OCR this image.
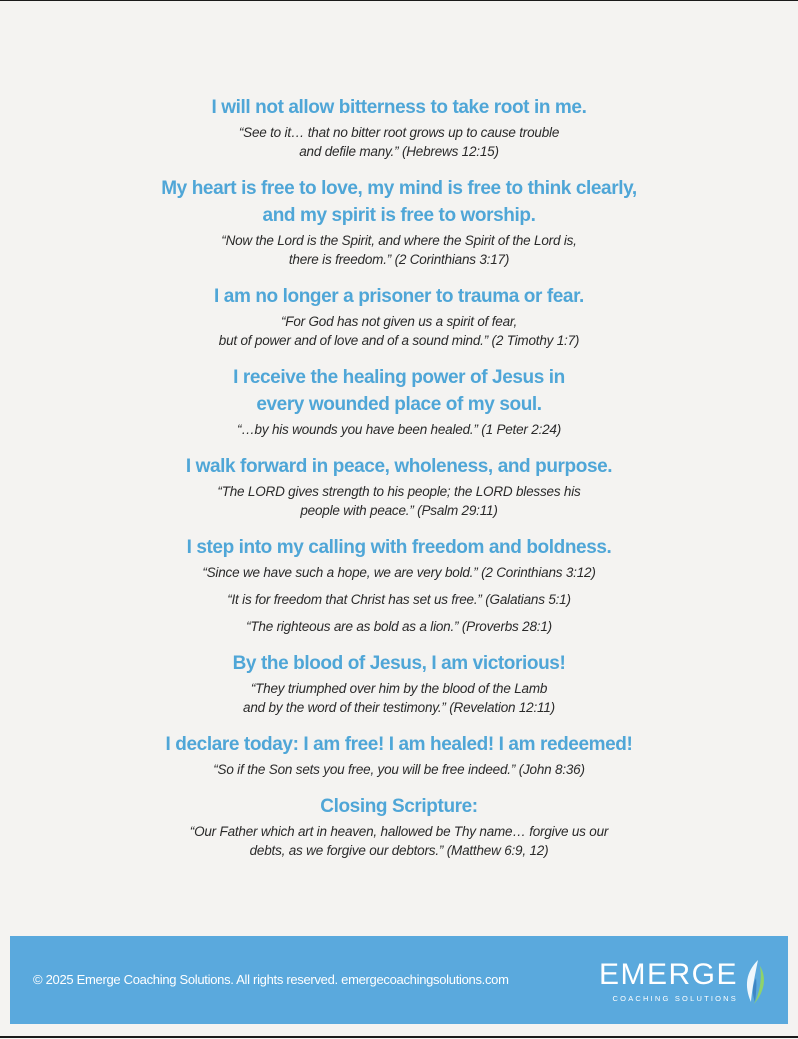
I will not allow bitterness to take root in me.

“See to it… that no bitter root grows up to cause trouble
and defile many.” (Hebrews 12:15)

My heart is free to love, my mind is free to think clearly,
and my spirit is free to worship.

“Now the Lord is the Spirit, and where the Spirit of the Lord is,
there is freedom.” (2 Corinthians 3:17)

I am no longer a prisoner to trauma or fear.

“For God has not given us a spirit of fear,
but of power and of love and of a sound mind.” (2 Timothy 1:7)

I receive the healing power of Jesus in
every wounded place of my soul.

“…by his wounds you have been healed.” (1 Peter 2:24)

I walk forward in peace, wholeness, and purpose.

“The LORD gives strength to his people; the LORD blesses his
people with peace.” (Psalm 29:11)

I step into my calling with freedom and boldness.

“Since we have such a hope, we are very bold.” (2 Corinthians 3:12)

“It is for freedom that Christ has set us free.” (Galatians 5:1)

“The righteous are as bold as a lion.” (Proverbs 28:1)

By the blood of Jesus, I am victorious!

“They triumphed over him by the blood of the Lamb
and by the word of their testimony.” (Revelation 12:11)

I declare today: I am free! I am healed! I am redeemed!

“So if the Son sets you free, you will be free indeed.” (John 8:36)

Closing Scripture:

“Our Father which art in heaven, hallowed be Thy name… forgive us our
debts, as we forgive our debtors.” (Matthew 6:9, 12)

© 2025 Emerge Coaching Solutions. All rights reserved. emergecoachingsolutions.com	EMERGE
COACHING SOLUTIONS
